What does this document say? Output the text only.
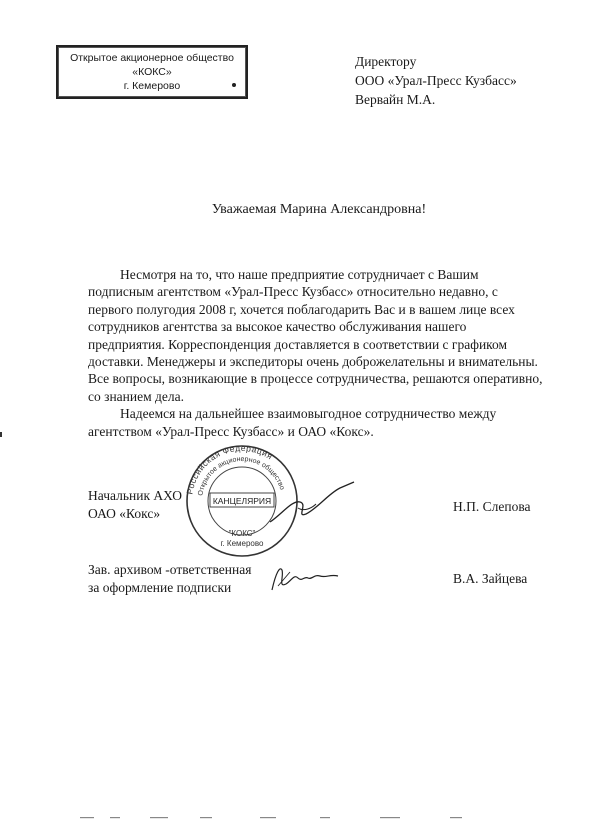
Открытое акционерное общество
«КОКС»
г. Кемерово
Директору
ООО «Урал-Пресс Кузбасс»
Вервайн М.А.
Уважаемая Марина Александровна!

Несмотря на то, что наше предприятие сотрудничает с Вашим подписным агентством «Урал-Пресс Кузбасс» относительно недавно, с первого полугодия 2008 г, хочется поблагодарить Вас и в вашем лице всех сотрудников агентства за высокое качество обслуживания нашего предприятия. Корреспонденция доставляется в соответствии с графиком доставки. Менеджеры и экспедиторы очень доброжелательны и внимательны. Все вопросы, возникающие в процессе сотрудничества, решаются оперативно, со знанием дела.

Надеемся на дальнейшее взаимовыгодное сотрудничество между агентством «Урал-Пресс Кузбасс» и ОАО «Кокс».

Начальник АХО
ОАО «Кокс»	Н.П. Слепова
Российская Федерация
Открытое акционерное общество
КАНЦЕЛЯРИЯ
"КОКС"
г. Кемерово
Зав. архивом -ответственная
за оформление подписки
В.А. Зайцева
